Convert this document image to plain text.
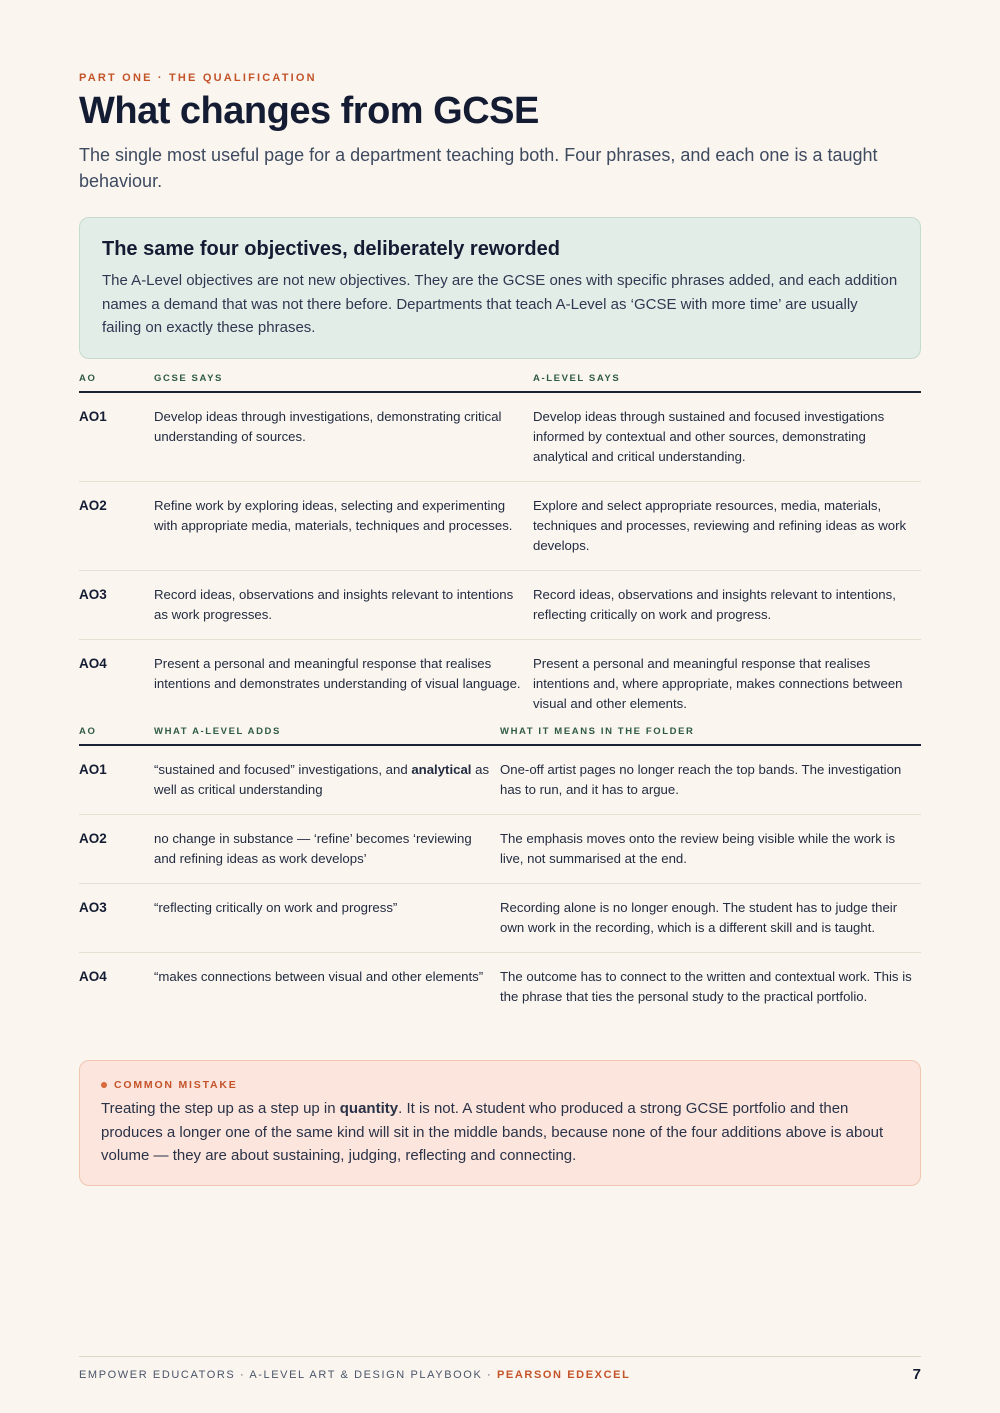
PART ONE · THE QUALIFICATION
What changes from GCSE

The single most useful page for a department teaching both. Four phrases, and each one is a taught behaviour.

The same four objectives, deliberately reworded

The A-Level objectives are not new objectives. They are the GCSE ones with specific phrases added, and each addition names a demand that was not there before. Departments that teach A-Level as ‘GCSE with more time’ are usually failing on exactly these phrases.

AO	GCSE SAYS	A-LEVEL SAYS
AO1	Develop ideas through investigations, demonstrating critical understanding of sources.	Develop ideas through sustained and focused investigations informed by contextual and other sources, demonstrating analytical and critical understanding.
AO2	Refine work by exploring ideas, selecting and experimenting with appropriate media, materials, techniques and processes.	Explore and select appropriate resources, media, materials, techniques and processes, reviewing and refining ideas as work develops.
AO3	Record ideas, observations and insights relevant to intentions as work progresses.	Record ideas, observations and insights relevant to intentions, reflecting critically on work and progress.
AO4	Present a personal and meaningful response that realises intentions and demonstrates understanding of visual language.	Present a personal and meaningful response that realises intentions and, where appropriate, makes connections between visual and other elements.
AO	WHAT A-LEVEL ADDS	WHAT IT MEANS IN THE FOLDER
AO1	“sustained and focused” investigations, and analytical as well as critical understanding	One-off artist pages no longer reach the top bands. The investigation has to run, and it has to argue.
AO2	no change in substance — ‘refine’ becomes ‘reviewing and refining ideas as work develops’	The emphasis moves onto the review being visible while the work is live, not summarised at the end.
AO3	“reflecting critically on work and progress”	Recording alone is no longer enough. The student has to judge their own work in the recording, which is a different skill and is taught.
AO4	“makes connections between visual and other elements”	The outcome has to connect to the written and contextual work. This is the phrase that ties the personal study to the practical portfolio.
COMMON MISTAKE

Treating the step up as a step up in quantity. It is not. A student who produced a strong GCSE portfolio and then produces a longer one of the same kind will sit in the middle bands, because none of the four additions above is about volume — they are about sustaining, judging, reflecting and connecting.

EMPOWER EDUCATORS · A-LEVEL ART & DESIGN PLAYBOOK · PEARSON EDEXCEL	7
